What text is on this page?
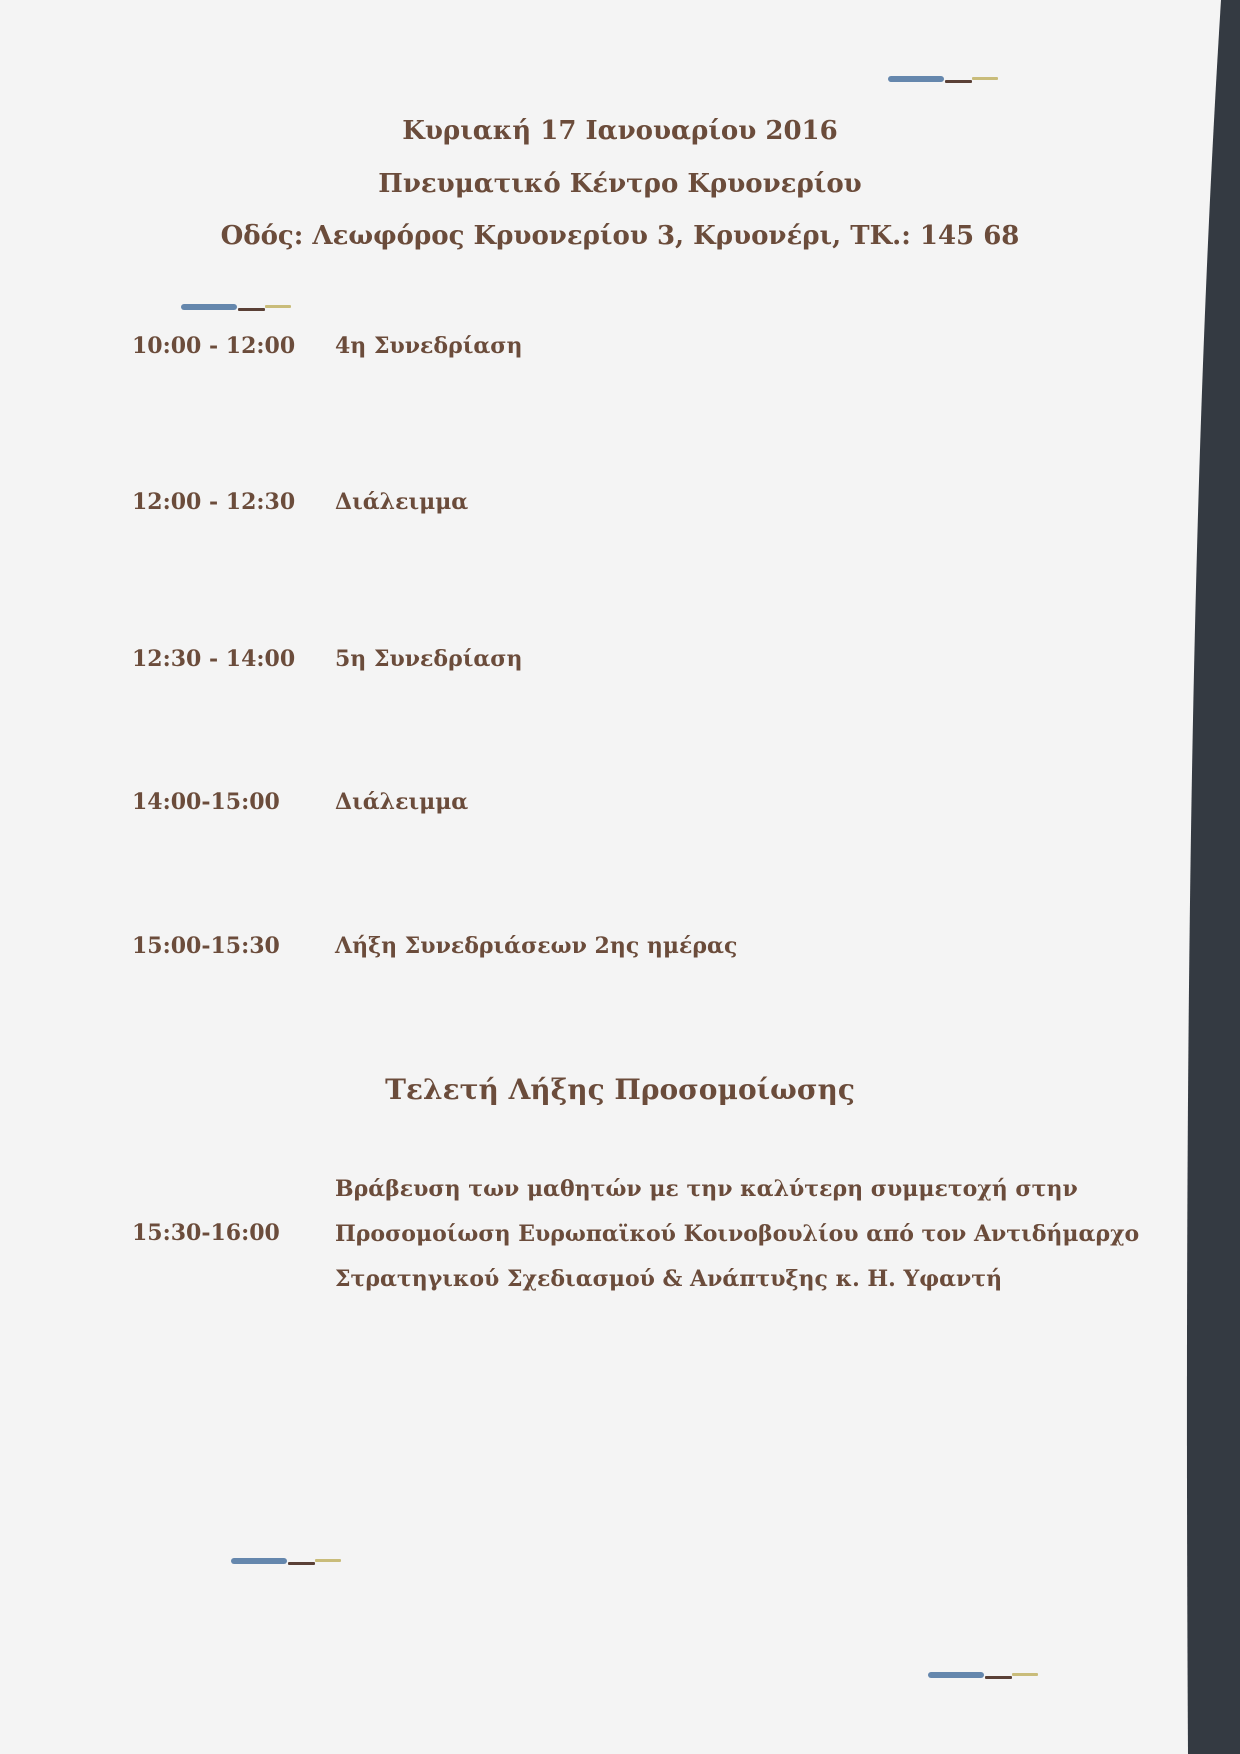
Κυριακή 17 Ιανουαρίου 2016
Πνευματικό Κέντρο Κρυονερίου
Οδός: Λεωφόρος Κρυονερίου 3, Κρυονέρι, ΤΚ.: 145 68
10:00 - 12:00 4η Συνεδρίαση
12:00 - 12:30 Διάλειμμα
12:30 - 14:00 5η Συνεδρίαση
14:00-15:00	Διάλειμμα
15:00-15:30	Λήξη Συνεδριάσεων 2ης ημέρας
Τελετή Λήξης Προσομοίωσης
15:30-16:00
Βράβευση των μαθητών με την καλύτερη συμμετοχή στην
Προσομοίωση Ευρωπαϊκού Κοινοβουλίου από τον Αντιδήμαρχο
Στρατηγικού Σχεδιασμού & Ανάπτυξης κ. Η. Υφαντή
